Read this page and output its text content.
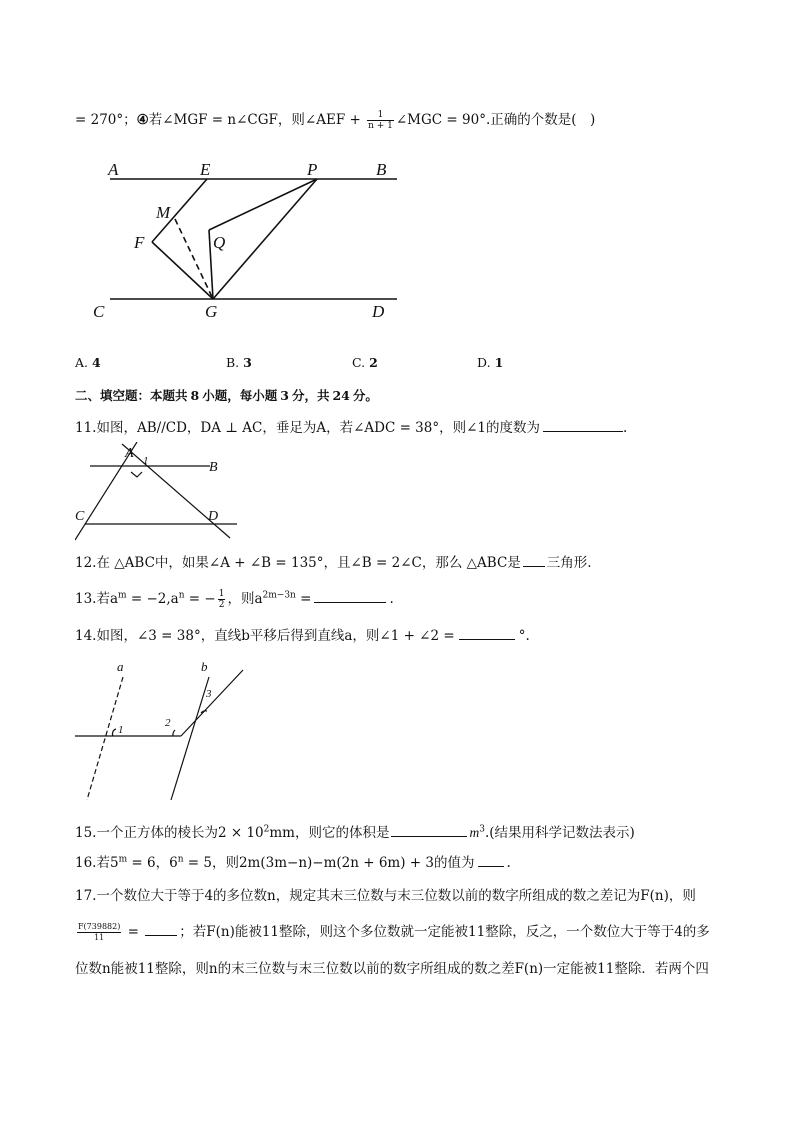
= 270°；④若∠MGF = n∠CGF，则∠AEF + $\frac{1}{n + 1}$ ∠MGC = 90°.正确的个数是(　)
A	E	P	B
M
F	Q
C	G	D
A. 4	B. 3	C. 2	D. 1
二、填空题：本题共 8 小题，每小题 3 分，共 24 分。
11.如图，AB//CD，DA ⊥ AC，垂足为A，若∠ADC = 38°，则∠1的度数为	.
A 1	B
C	D
12.在 △ABC中，如果∠A + ∠B = 135°，且∠B = 2∠C，那么 △ABC是 三角形.
13.若$a^m = -2,a^n$ = − $\frac{1}{2}$ ，则$a^{2m-3n}$ =	.
14.如图，∠3 = 38°，直线b平移后得到直线a，则∠1 + ∠2 =	°.
a	b
1
2
3
15.一个正方体的棱长为$2 \times 10^2mm$，则它的体积是	$m^3$.(结果用科学记数法表示)
16.若$5^m = 6$，$6^n = 5$，则2m(3m−n)−m(2n + 6m) + 3的值为 .
17.一个数位大于等于4的多位数n，规定其末三位数与末三位数以前的数字所组成的数之差记为F(n)，则
$\frac{F(739882)}{11}$ =	；若F(n)能被11整除，则这个多位数就一定能被11整除，反之，一个数位大于等于4的多
位数n能被11整除，则n的末三位数与末三位数以前的数字所组成的数之差F(n)一定能被11整除．若两个四
